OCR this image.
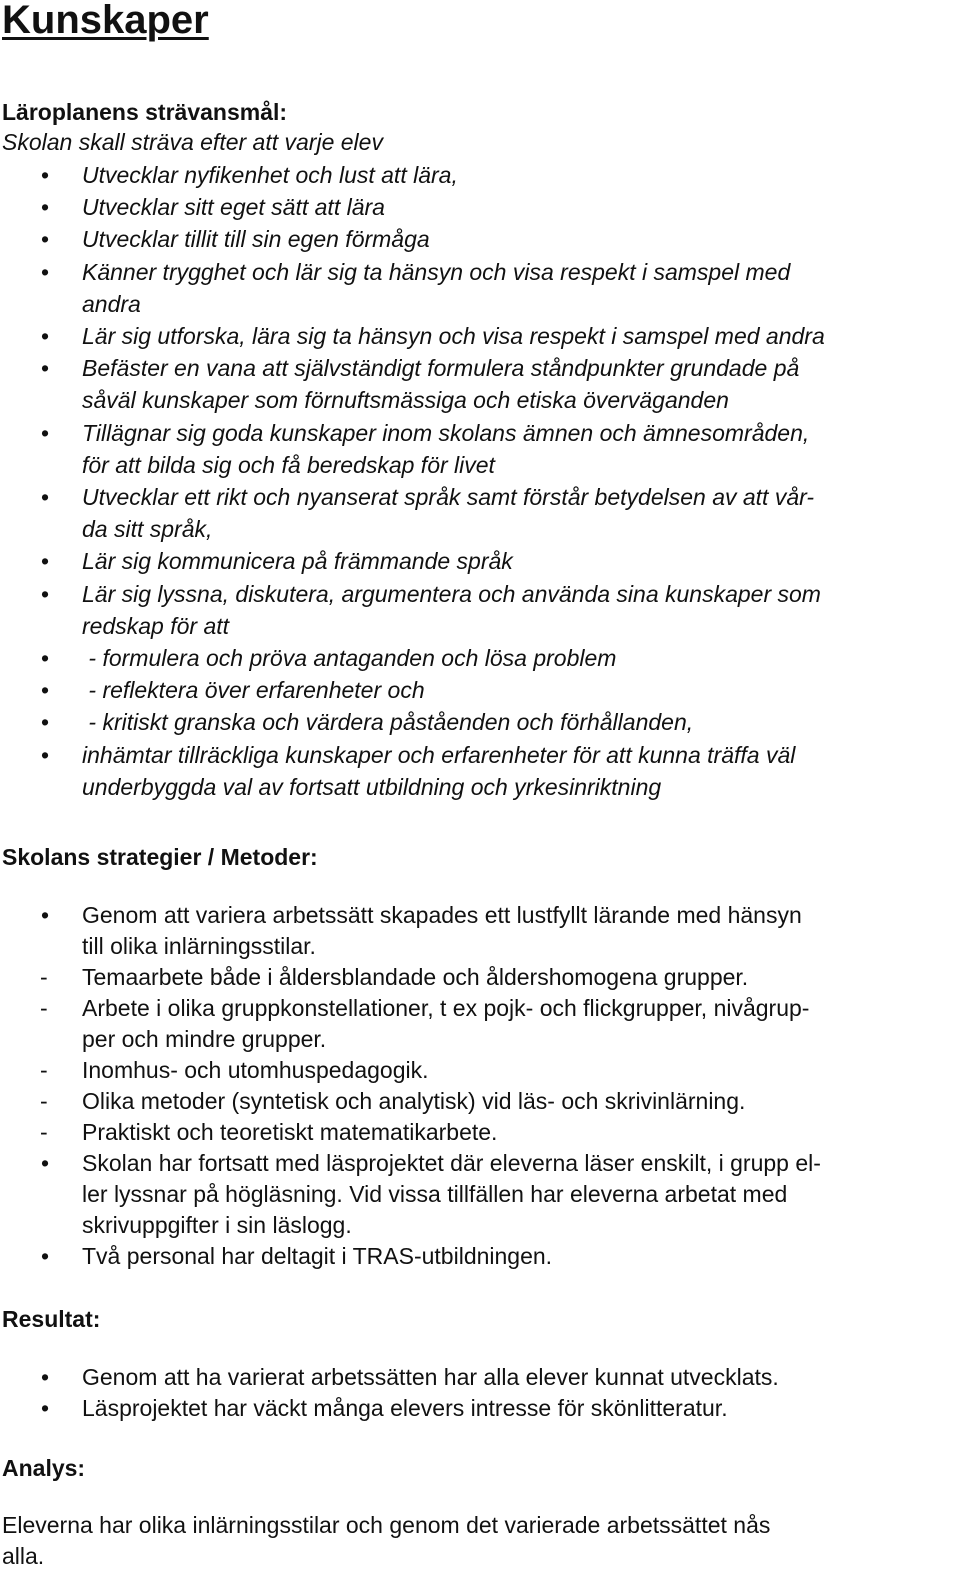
Kunskaper
Läroplanens strävansmål:

Skolan skall sträva efter att varje elev

• Utvecklar nyfikenhet och lust att lära,
• Utvecklar sitt eget sätt att lära
• Utvecklar tillit till sin egen förmåga
• Känner trygghet och lär sig ta hänsyn och visa respekt i samspel med
andra
• Lär sig utforska, lära sig ta hänsyn och visa respekt i samspel med andra
• Befäster en vana att självständigt formulera ståndpunkter grundade på
såväl kunskaper som förnuftsmässiga och etiska överväganden
• Tillägnar sig goda kunskaper inom skolans ämnen och ämnesområden,
för att bilda sig och få beredskap för livet
• Utvecklar ett rikt och nyanserat språk samt förstår betydelsen av att vår-
da sitt språk,
• Lär sig kommunicera på främmande språk
• Lär sig lyssna, diskutera, argumentera och använda sina kunskaper som
redskap för att
• - formulera och pröva antaganden och lösa problem
• - reflektera över erfarenheter och
• - kritiskt granska och värdera påståenden och förhållanden,
• inhämtar tillräckliga kunskaper och erfarenheter för att kunna träffa väl
underbyggda val av fortsatt utbildning och yrkesinriktning
Skolans strategier / Metoder:
• Genom att variera arbetssätt skapades ett lustfyllt lärande med hänsyn
till olika inlärningsstilar.
- Temaarbete både i åldersblandade och åldershomogena grupper.
- Arbete i olika gruppkonstellationer, t ex pojk- och flickgrupper, nivågrup-
per och mindre grupper.
- Inomhus- och utomhuspedagogik.
- Olika metoder (syntetisk och analytisk) vid läs- och skrivinlärning.
- Praktiskt och teoretiskt matematikarbete.
• Skolan har fortsatt med läsprojektet där eleverna läser enskilt, i grupp el-
ler lyssnar på högläsning. Vid vissa tillfällen har eleverna arbetat med
skrivuppgifter i sin läslogg.
• Två personal har deltagit i TRAS-utbildningen.
Resultat:
• Genom att ha varierat arbetssätten har alla elever kunnat utvecklats.
• Läsprojektet har väckt många elevers intresse för skönlitteratur.
Analys:

Eleverna har olika inlärningsstilar och genom det varierade arbetssättet nås
alla.
